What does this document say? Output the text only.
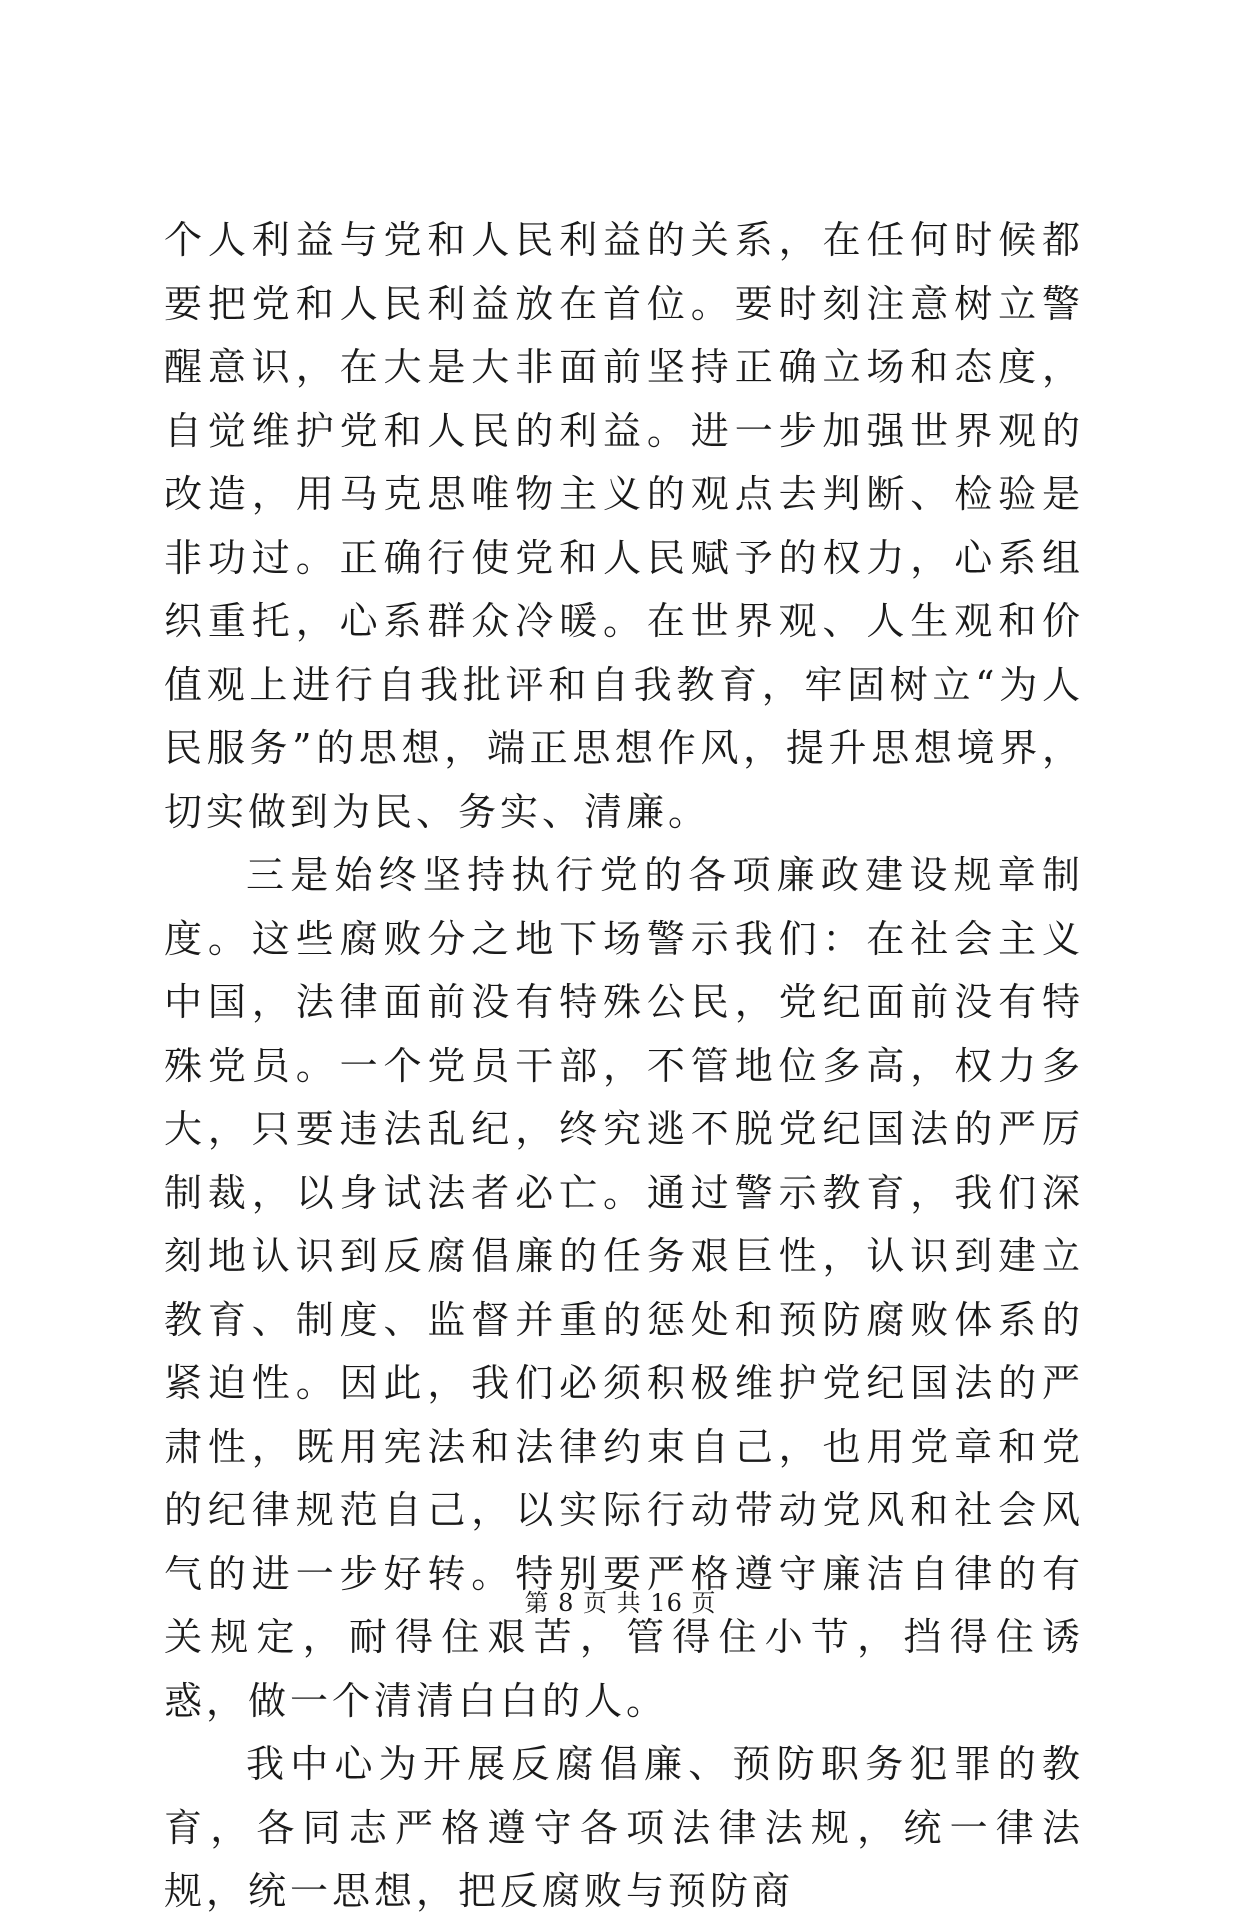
个人利益与党和人民利益的关系，在任何时候都要把党和人民利益放在首位。要时刻注意树立警醒意识，在大是大非面前坚持正确立场和态度，自觉维护党和人民的利益。进一步加强世界观的改造，用马克思唯物主义的观点去判断、检验是非功过。正确行使党和人民赋予的权力，心系组织重托，心系群众冷暖。在世界观、人生观和价值观上进行自我批评和自我教育，牢固树立“为人民服务”的思想，端正思想作风，提升思想境界，切实做到为民、务实、清廉。

三是始终坚持执行党的各项廉政建设规章制度。这些腐败分之地下场警示我们：在社会主义中国，法律面前没有特殊公民，党纪面前没有特殊党员。一个党员干部，不管地位多高，权力多大，只要违法乱纪，终究逃不脱党纪国法的严厉制裁，以身试法者必亡。通过警示教育，我们深刻地认识到反腐倡廉的任务艰巨性，认识到建立教育、制度、监督并重的惩处和预防腐败体系的紧迫性。因此，我们必须积极维护党纪国法的严肃性，既用宪法和法律约束自己，也用党章和党的纪律规范自己，以实际行动带动党风和社会风气的进一步好转。特别要严格遵守廉洁自律的有关规定，耐得住艰苦，管得住小节，挡得住诱惑，做一个清清白白的人。

我中心为开展反腐倡廉、预防职务犯罪的教育，各同志严格遵守各项法律法规，统一律法规，统一思想，把反腐败与预防商

第 8 页 共 16 页
